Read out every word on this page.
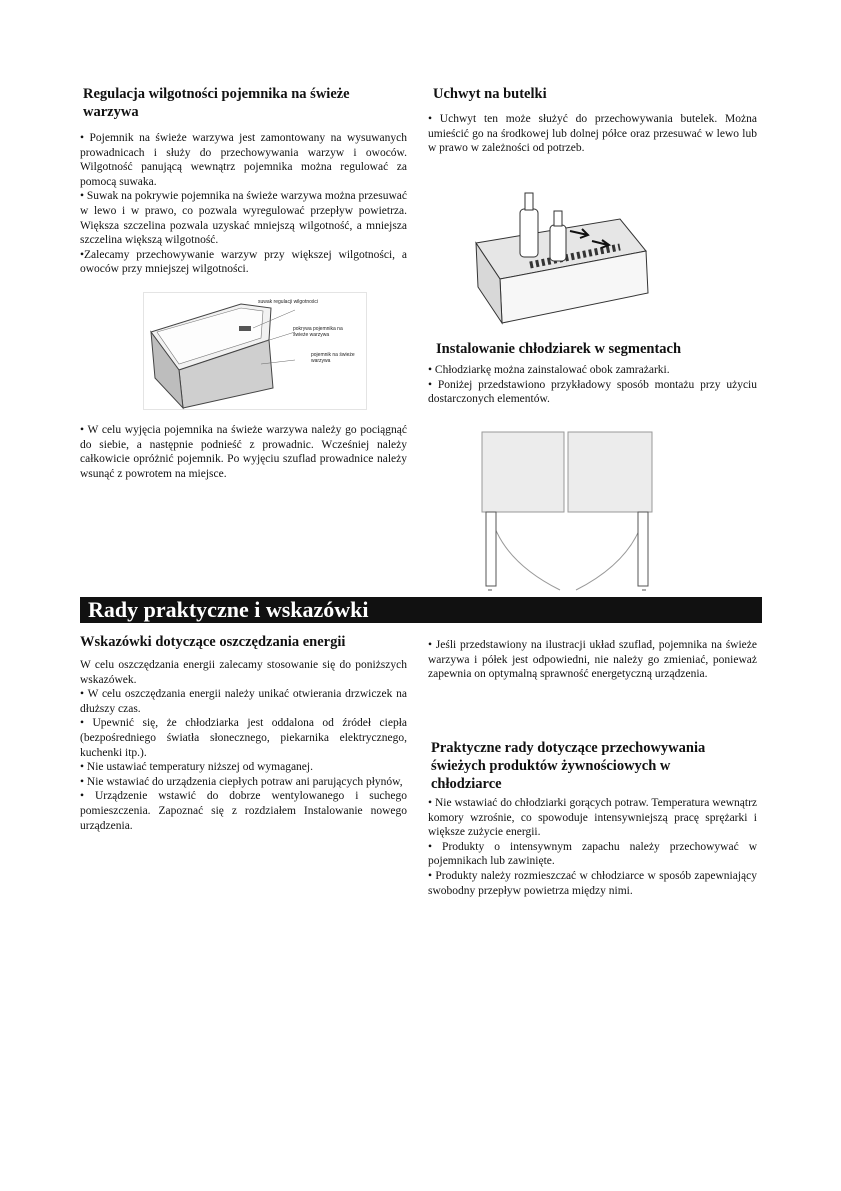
Regulacja wilgotności pojemnika na świeże warzywa

• Pojemnik na świeże warzywa jest zamontowany na wysuwanych prowadnicach i służy do przechowywania warzyw i owoców. Wilgotność panującą wewnątrz pojemnika można regulować za pomocą suwaka.

• Suwak na pokrywie pojemnika na świeże warzywa można przesuwać w lewo i w prawo, co pozwala wyregulować przepływ powietrza. Większa szczelina pozwala uzyskać mniejszą wilgotność, a mniejsza szczelina większą wilgotność.

•Zalecamy przechowywanie warzyw przy większej wilgotności, a owoców przy mniejszej wilgotności.

suwak regulacji wilgotności
pokrywa pojemnika na świeże warzywa
pojemnik na świeże warzywa

• W celu wyjęcia pojemnika na świeże warzywa należy go pociągnąć do siebie, a następnie podnieść z prowadnic. Wcześniej należy całkowicie opróżnić pojemnik. Po wyjęciu szuflad prowadnice należy wsunąć z powrotem na miejsce.

Uchwyt na butelki

• Uchwyt ten może służyć do przechowywania butelek. Można umieścić go na środkowej lub dolnej półce oraz przesuwać w lewo lub w prawo w zależności od potrzeb.

Instalowanie chłodziarek w segmentach

• Chłodziarkę można zainstalować obok zamrażarki.

• Poniżej przedstawiono przykładowy sposób montażu przy użyciu dostarczonych elementów.

Rady praktyczne i wskazówki
Wskazówki dotyczące oszczędzania energii

W celu oszczędzania energii zalecamy stosowanie się do poniższych wskazówek.

• W celu oszczędzania energii należy unikać otwierania drzwiczek na dłuższy czas.

• Upewnić się, że chłodziarka jest oddalona od źródeł ciepła (bezpośredniego światła słonecznego, piekarnika elektrycznego, kuchenki itp.).

• Nie ustawiać temperatury niższej od wymaganej.

• Nie wstawiać do urządzenia ciepłych potraw ani parujących płynów,

• Urządzenie wstawić do dobrze wentylowanego i suchego pomieszczenia. Zapoznać się z rozdziałem Instalowanie nowego urządzenia.

• Jeśli przedstawiony na ilustracji układ szuflad, pojemnika na świeże warzywa i półek jest odpowiedni, nie należy go zmieniać, ponieważ zapewnia on optymalną sprawność energetyczną urządzenia.

Praktyczne rady dotyczące przechowywania świeżych produktów żywnościowych w chłodziarce

• Nie wstawiać do chłodziarki gorących potraw. Temperatura wewnątrz komory wzrośnie, co spowoduje intensywniejszą pracę sprężarki i większe zużycie energii.

• Produkty o intensywnym zapachu należy przechowywać w pojemnikach lub zawinięte.

• Produkty należy rozmieszczać w chłodziarce w sposób zapewniający swobodny przepływ powietrza między nimi.
